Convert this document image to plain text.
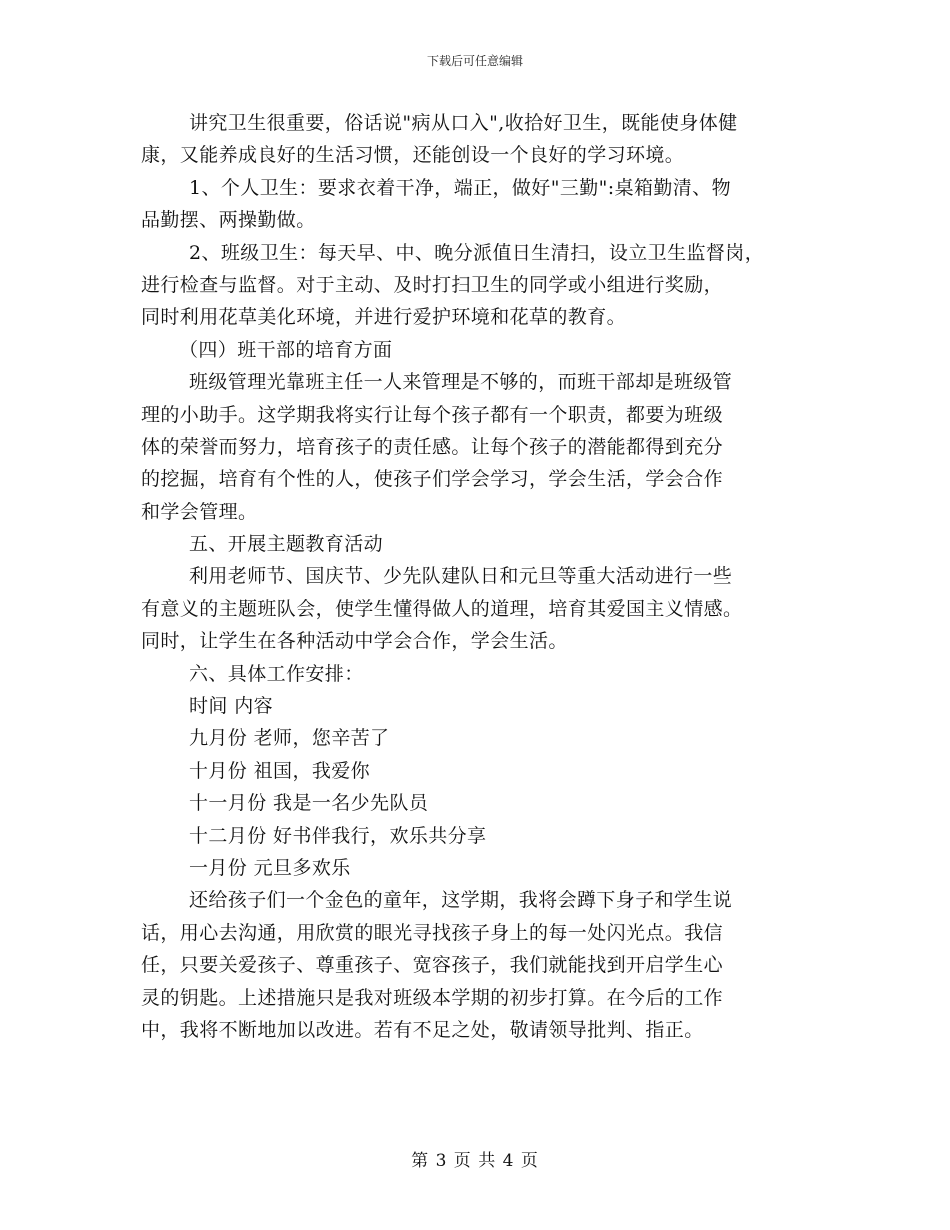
下载后可任意编辑
讲究卫生很重要，俗话说"病从口入",收拾好卫生，既能使身体健
康，又能养成良好的生活习惯，还能创设一个良好的学习环境。
1、个人卫生：要求衣着干净，端正，做好"三勤":桌箱勤清、物
品勤摆、两操勤做。
2、班级卫生：每天早、中、晚分派值日生清扫，设立卫生监督岗，
进行检查与监督。对于主动、及时打扫卫生的同学或小组进行奖励，
同时利用花草美化环境，并进行爱护环境和花草的教育。
（四）班干部的培育方面
班级管理光靠班主任一人来管理是不够的，而班干部却是班级管
理的小助手。这学期我将实行让每个孩子都有一个职责，都要为班级
体的荣誉而努力，培育孩子的责任感。让每个孩子的潜能都得到充分
的挖掘，培育有个性的人，使孩子们学会学习，学会生活，学会合作
和学会管理。
五、开展主题教育活动
利用老师节、国庆节、少先队建队日和元旦等重大活动进行一些
有意义的主题班队会，使学生懂得做人的道理，培育其爱国主义情感。
同时，让学生在各种活动中学会合作，学会生活。
六、具体工作安排：
时间 内容
九月份 老师，您辛苦了
十月份 祖国，我爱你
十一月份 我是一名少先队员
十二月份 好书伴我行，欢乐共分享
一月份 元旦多欢乐
还给孩子们一个金色的童年，这学期，我将会蹲下身子和学生说
话，用心去沟通，用欣赏的眼光寻找孩子身上的每一处闪光点。我信
任，只要关爱孩子、尊重孩子、宽容孩子，我们就能找到开启学生心
灵的钥匙。上述措施只是我对班级本学期的初步打算。在今后的工作
中，我将不断地加以改进。若有不足之处，敬请领导批判、指正。
第 3 页 共 4 页
